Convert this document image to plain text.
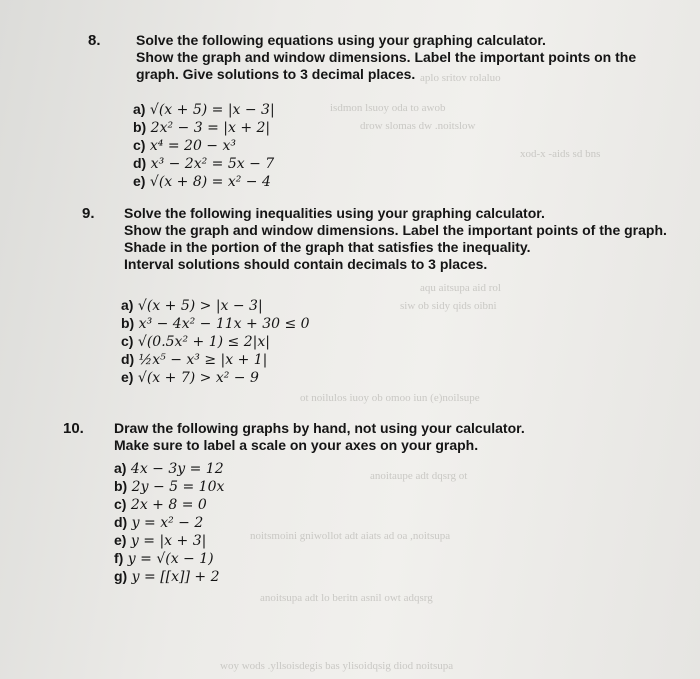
aplo sritov rolaluo
isdmon lsuoy oda to awob
drow slomas dw .noitslow
xod-x -aids sd bns
aqu aitsupa aid rol
siw ob sidy qids oibni
ot noilulos iuoy ob omoo iun (e)noilsupe
anoitaupe adt dqsrg ot
noitsmoini gniwollot adt aiats ad oa ,noitsupa
anoitsupa adt lo beritn asnil owt adqsrg
woy wods .yllsoisdegis bas ylisoidqsig diod noitsupa
8.	Solve the following equations using your graphing calculator.
Show the graph and window dimensions. Label the important points on the
graph. Give solutions to 3 decimal places.
a) √(x + 5) = |x − 3|
b) 2x² − 3 = |x + 2|
c) x⁴ = 20 − x³
d) x³ − 2x² = 5x − 7
e) √(x + 8) = x² − 4
9. Solve the following inequalities using your graphing calculator.
Show the graph and window dimensions. Label the important points of the graph.
Shade in the portion of the graph that satisfies the inequality.
Interval solutions should contain decimals to 3 places.
a) √(x + 5) > |x − 3|
b) x³ − 4x² − 11x + 30 ≤ 0
c) √(0.5x² + 1) ≤ 2|x|
d) ½x⁵ − x³ ≥ |x + 1|
e) √(x + 7) > x² − 9
10. Draw the following graphs by hand, not using your calculator.
Make sure to label a scale on your axes on your graph.
a) 4x − 3y = 12
b) 2y − 5 = 10x
c) 2x + 8 = 0
d) y = x² − 2
e) y = |x + 3|
f) y = √(x − 1)
g) y = [[x]] + 2
